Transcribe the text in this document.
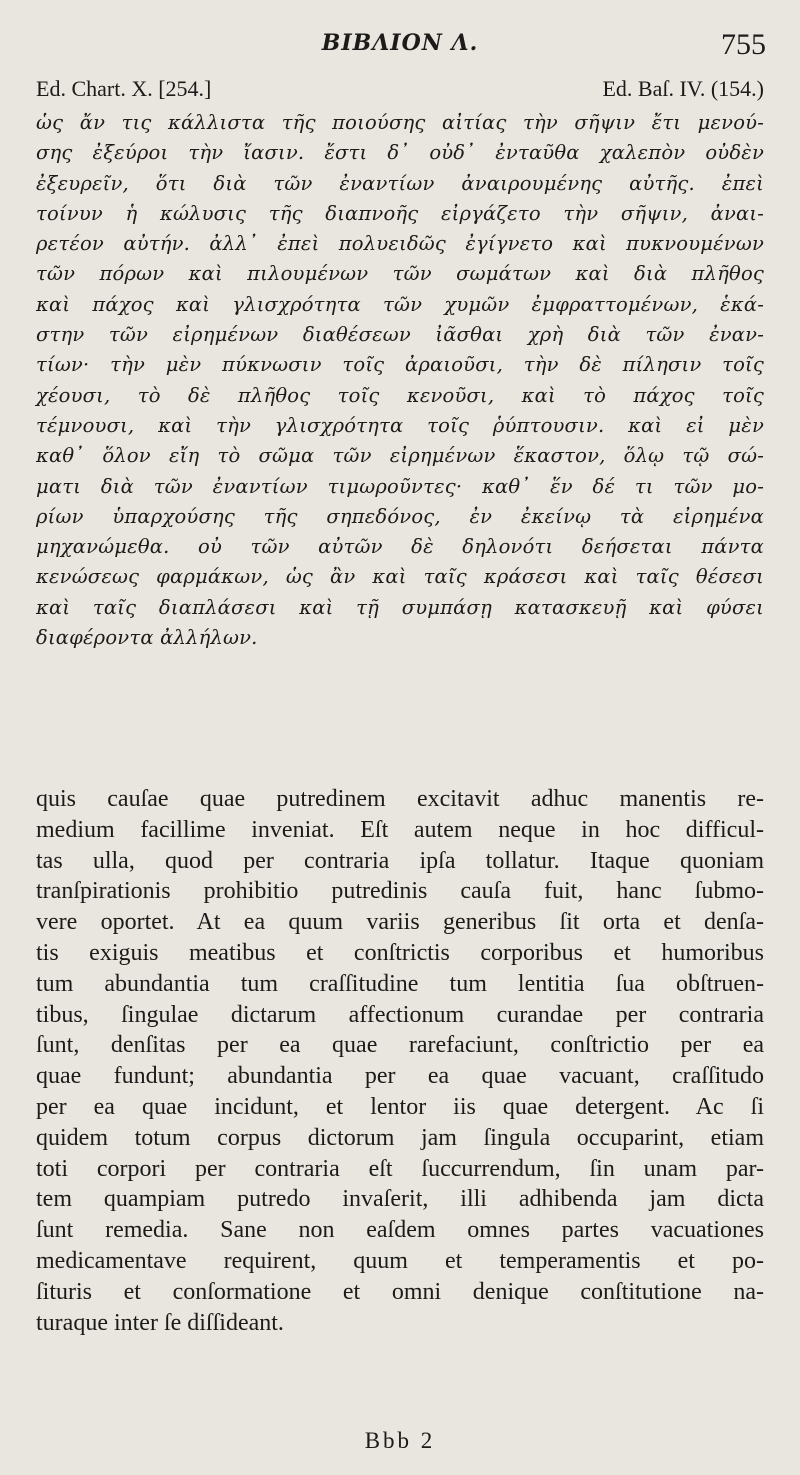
BIBΛΙΟΝ Λ.	755
Ed. Chart. X. [254.]	Ed. Baſ. IV. (154.)
ὡς ἄν τις κάλλιστα τῆς ποιούσης αἰτίας τὴν σῆψιν ἔτι μενού-
σης ἐξεύροι τὴν ἴασιν. ἔστι δ᾽ οὐδ᾽ ἐνταῦθα χαλεπὸν οὐδὲν
ἐξευρεῖν, ὅτι διὰ τῶν ἐναντίων ἀναιρουμένης αὐτῆς. ἐπεὶ
τοίνυν ἡ κώλυσις τῆς διαπνοῆς εἰργάζετο τὴν σῆψιν, ἀναι-
ρετέον αὐτήν. ἀλλ᾽ ἐπεὶ πολυειδῶς ἐγίγνετο καὶ πυκνουμένων
τῶν πόρων καὶ πιλουμένων τῶν σωμάτων καὶ διὰ πλῆθος
καὶ πάχος καὶ γλισχρότητα τῶν χυμῶν ἐμφραττομένων, ἑκά-
στην τῶν εἰρημένων διαθέσεων ἰᾶσθαι χρὴ διὰ τῶν ἐναν-
τίων· τὴν μὲν πύκνωσιν τοῖς ἀραιοῦσι, τὴν δὲ πίλησιν τοῖς
χέουσι, τὸ δὲ πλῆθος τοῖς κενοῦσι, καὶ τὸ πάχος τοῖς
τέμνουσι, καὶ τὴν γλισχρότητα τοῖς ῥύπτουσιν. καὶ εἰ μὲν
καθ᾽ ὅλον εἴη τὸ σῶμα τῶν εἰρημένων ἕκαστον, ὅλῳ τῷ σώ-
ματι διὰ τῶν ἐναντίων τιμωροῦντες· καθ᾽ ἕν δέ τι τῶν μο-
ρίων ὑπαρχούσης τῆς σηπεδόνος, ἐν ἐκείνῳ τὰ εἰρημένα
μηχανώμεθα. οὐ τῶν αὐτῶν δὲ δηλονότι δεήσεται πάντα
κενώσεως φαρμάκων, ὡς ἂν καὶ ταῖς κράσεσι καὶ ταῖς θέσεσι
καὶ ταῖς διαπλάσεσι καὶ τῇ συμπάσῃ κατασκευῇ καὶ φύσει
διαφέροντα ἀλλήλων.
quis cauſae quae putredinem excitavit adhuc manentis re-
medium facillime inveniat. Eſt autem neque in hoc difficul-
tas ulla, quod per contraria ipſa tollatur. Itaque quoniam
tranſpirationis prohibitio putredinis cauſa fuit, hanc ſubmo-
vere oportet. At ea quum variis generibus ſit orta et denſa-
tis exiguis meatibus et conſtrictis corporibus et humoribus
tum abundantia tum craſſitudine tum lentitia ſua obſtruen-
tibus, ſingulae dictarum affectionum curandae per contraria
ſunt, denſitas per ea quae rarefaciunt, conſtrictio per ea
quae fundunt; abundantia per ea quae vacuant, craſſitudo
per ea quae incidunt, et lentor iis quae detergent. Ac ſi
quidem totum corpus dictorum jam ſingula occuparint, etiam
toti corpori per contraria eſt ſuccurrendum, ſin unam par-
tem quampiam putredo invaſerit, illi adhibenda jam dicta
ſunt remedia. Sane non eaſdem omnes partes vacuationes
medicamentave requirent, quum et temperamentis et po-
ſituris et conſormatione et omni denique conſtitutione na-
turaque inter ſe diſſideant.
Bbb 2
